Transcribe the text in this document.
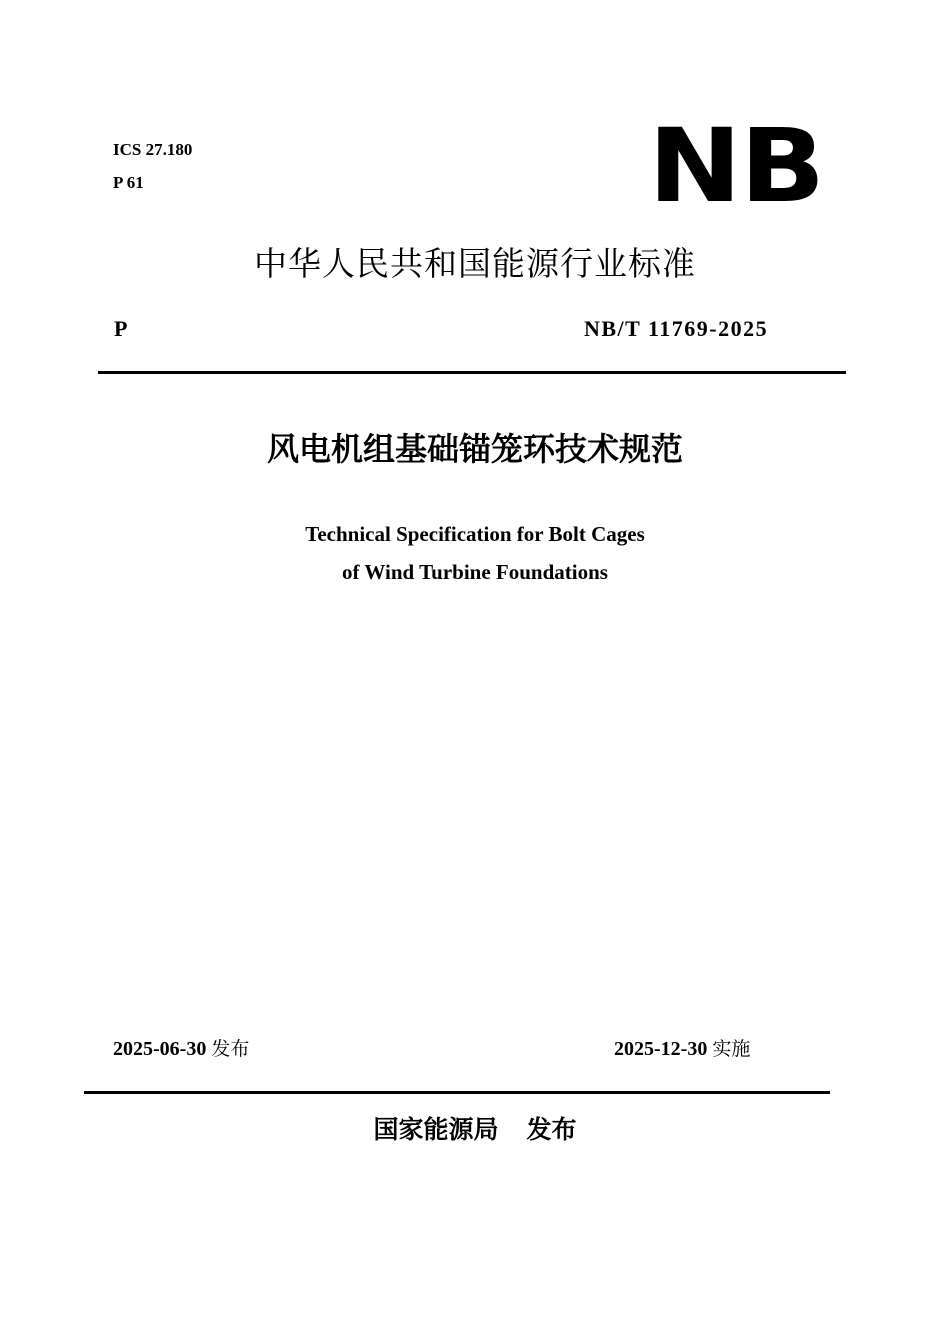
ICS 27.180
P 61	NB
中华人民共和国能源行业标准
P	NB/T 11769-2025
风电机组基础锚笼环技术规范
Technical Specification for Bolt Cages
of Wind Turbine Foundations
2025-06-30 发布	2025-12-30 实施
国家能源局 发布
